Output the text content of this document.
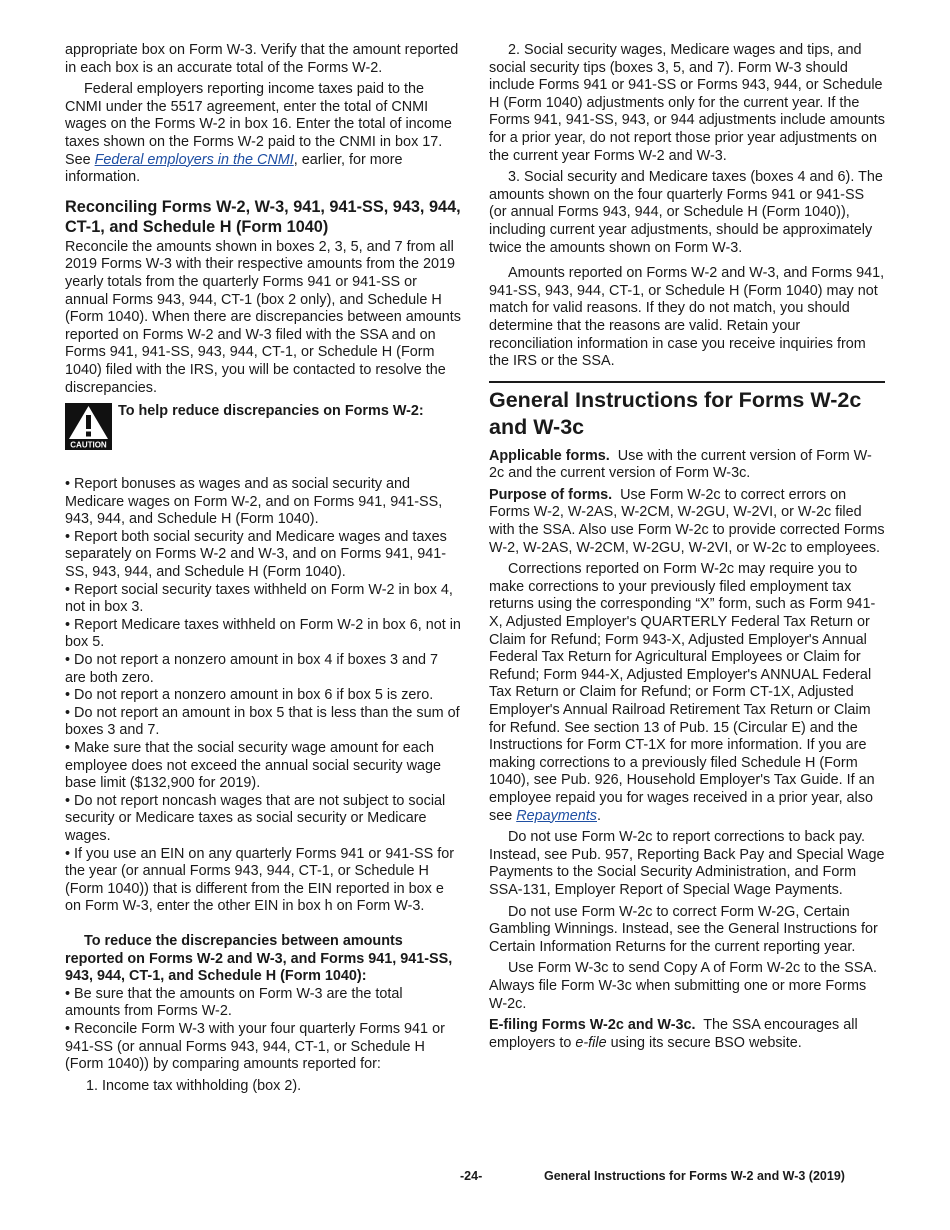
appropriate box on Form W-3. Verify that the amount reported in each box is an accurate total of the Forms W-2.

Federal employers reporting income taxes paid to the CNMI under the 5517 agreement, enter the total of CNMI wages on the Forms W-2 in box 16. Enter the total of income taxes shown on the Forms W-2 paid to the CNMI in box 17. See Federal employers in the CNMI, earlier, for more information.

Reconciling Forms W-2, W-3, 941, 941-SS, 943, 944, CT-1, and Schedule H (Form 1040)

Reconcile the amounts shown in boxes 2, 3, 5, and 7 from all 2019 Forms W-3 with their respective amounts from the 2019 yearly totals from the quarterly Forms 941 or 941-SS or annual Forms 943, 944, CT-1 (box 2 only), and Schedule H (Form 1040). When there are discrepancies between amounts reported on Forms W-2 and W-3 filed with the SSA and on Forms 941, 941-SS, 943, 944, CT-1, or Schedule H (Form 1040) filed with the IRS, you will be contacted to resolve the discrepancies.

CAUTION
To help reduce discrepancies on Forms W-2:

• Report bonuses as wages and as social security and Medicare wages on Form W-2, and on Forms 941, 941-SS, 943, 944, and Schedule H (Form 1040).

• Report both social security and Medicare wages and taxes separately on Forms W-2 and W-3, and on Forms 941, 941-SS, 943, 944, and Schedule H (Form 1040).

• Report social security taxes withheld on Form W-2 in box 4, not in box 3.

• Report Medicare taxes withheld on Form W-2 in box 6, not in box 5.

• Do not report a nonzero amount in box 4 if boxes 3 and 7 are both zero.

• Do not report a nonzero amount in box 6 if box 5 is zero.

• Do not report an amount in box 5 that is less than the sum of boxes 3 and 7.

• Make sure that the social security wage amount for each employee does not exceed the annual social security wage base limit ($132,900 for 2019).

• Do not report noncash wages that are not subject to social security or Medicare taxes as social security or Medicare wages.

• If you use an EIN on any quarterly Forms 941 or 941-SS for the year (or annual Forms 943, 944, CT-1, or Schedule H (Form 1040)) that is different from the EIN reported in box e on Form W-3, enter the other EIN in box h on Form W-3.

To reduce the discrepancies between amounts reported on Forms W-2 and W-3, and Forms 941, 941-SS, 943, 944, CT-1, and Schedule H (Form 1040):

• Be sure that the amounts on Form W-3 are the total amounts from Forms W-2.

• Reconcile Form W-3 with your four quarterly Forms 941 or 941-SS (or annual Forms 943, 944, CT-1, or Schedule H (Form 1040)) by comparing amounts reported for:

1. Income tax withholding (box 2).

2. Social security wages, Medicare wages and tips, and social security tips (boxes 3, 5, and 7). Form W-3 should include Forms 941 or 941-SS or Forms 943, 944, or Schedule H (Form 1040) adjustments only for the current year. If the Forms 941, 941-SS, 943, or 944 adjustments include amounts for a prior year, do not report those prior year adjustments on the current year Forms W-2 and W-3.

3. Social security and Medicare taxes (boxes 4 and 6). The amounts shown on the four quarterly Forms 941 or 941-SS (or annual Forms 943, 944, or Schedule H (Form 1040)), including current year adjustments, should be approximately twice the amounts shown on Form W-3.

Amounts reported on Forms W-2 and W-3, and Forms 941, 941-SS, 943, 944, CT-1, or Schedule H (Form 1040) may not match for valid reasons. If they do not match, you should determine that the reasons are valid. Retain your reconciliation information in case you receive inquiries from the IRS or the SSA.

General Instructions for Forms W-2c and W-3c

Applicable forms. Use with the current version of Form W-2c and the current version of Form W-3c.

Purpose of forms. Use Form W-2c to correct errors on Forms W-2, W-2AS, W-2CM, W-2GU, W-2VI, or W-2c filed with the SSA. Also use Form W-2c to provide corrected Forms W-2, W-2AS, W-2CM, W-2GU, W-2VI, or W-2c to employees.

Corrections reported on Form W-2c may require you to make corrections to your previously filed employment tax returns using the corresponding “X” form, such as Form 941-X, Adjusted Employer's QUARTERLY Federal Tax Return or Claim for Refund; Form 943-X, Adjusted Employer's Annual Federal Tax Return for Agricultural Employees or Claim for Refund; Form 944-X, Adjusted Employer's ANNUAL Federal Tax Return or Claim for Refund; or Form CT-1X, Adjusted Employer's Annual Railroad Retirement Tax Return or Claim for Refund. See section 13 of Pub. 15 (Circular E) and the Instructions for Form CT-1X for more information. If you are making corrections to a previously filed Schedule H (Form 1040), see Pub. 926, Household Employer's Tax Guide. If an employee repaid you for wages received in a prior year, also see Repayments.

Do not use Form W-2c to report corrections to back pay. Instead, see Pub. 957, Reporting Back Pay and Special Wage Payments to the Social Security Administration, and Form SSA-131, Employer Report of Special Wage Payments.

Do not use Form W-2c to correct Form W-2G, Certain Gambling Winnings. Instead, see the General Instructions for Certain Information Returns for the current reporting year.

Use Form W-3c to send Copy A of Form W-2c to the SSA. Always file Form W-3c when submitting one or more Forms W-2c.

E-filing Forms W-2c and W-3c. The SSA encourages all employers to e-file using its secure BSO website.

-24-	General Instructions for Forms W-2 and W-3 (2019)
